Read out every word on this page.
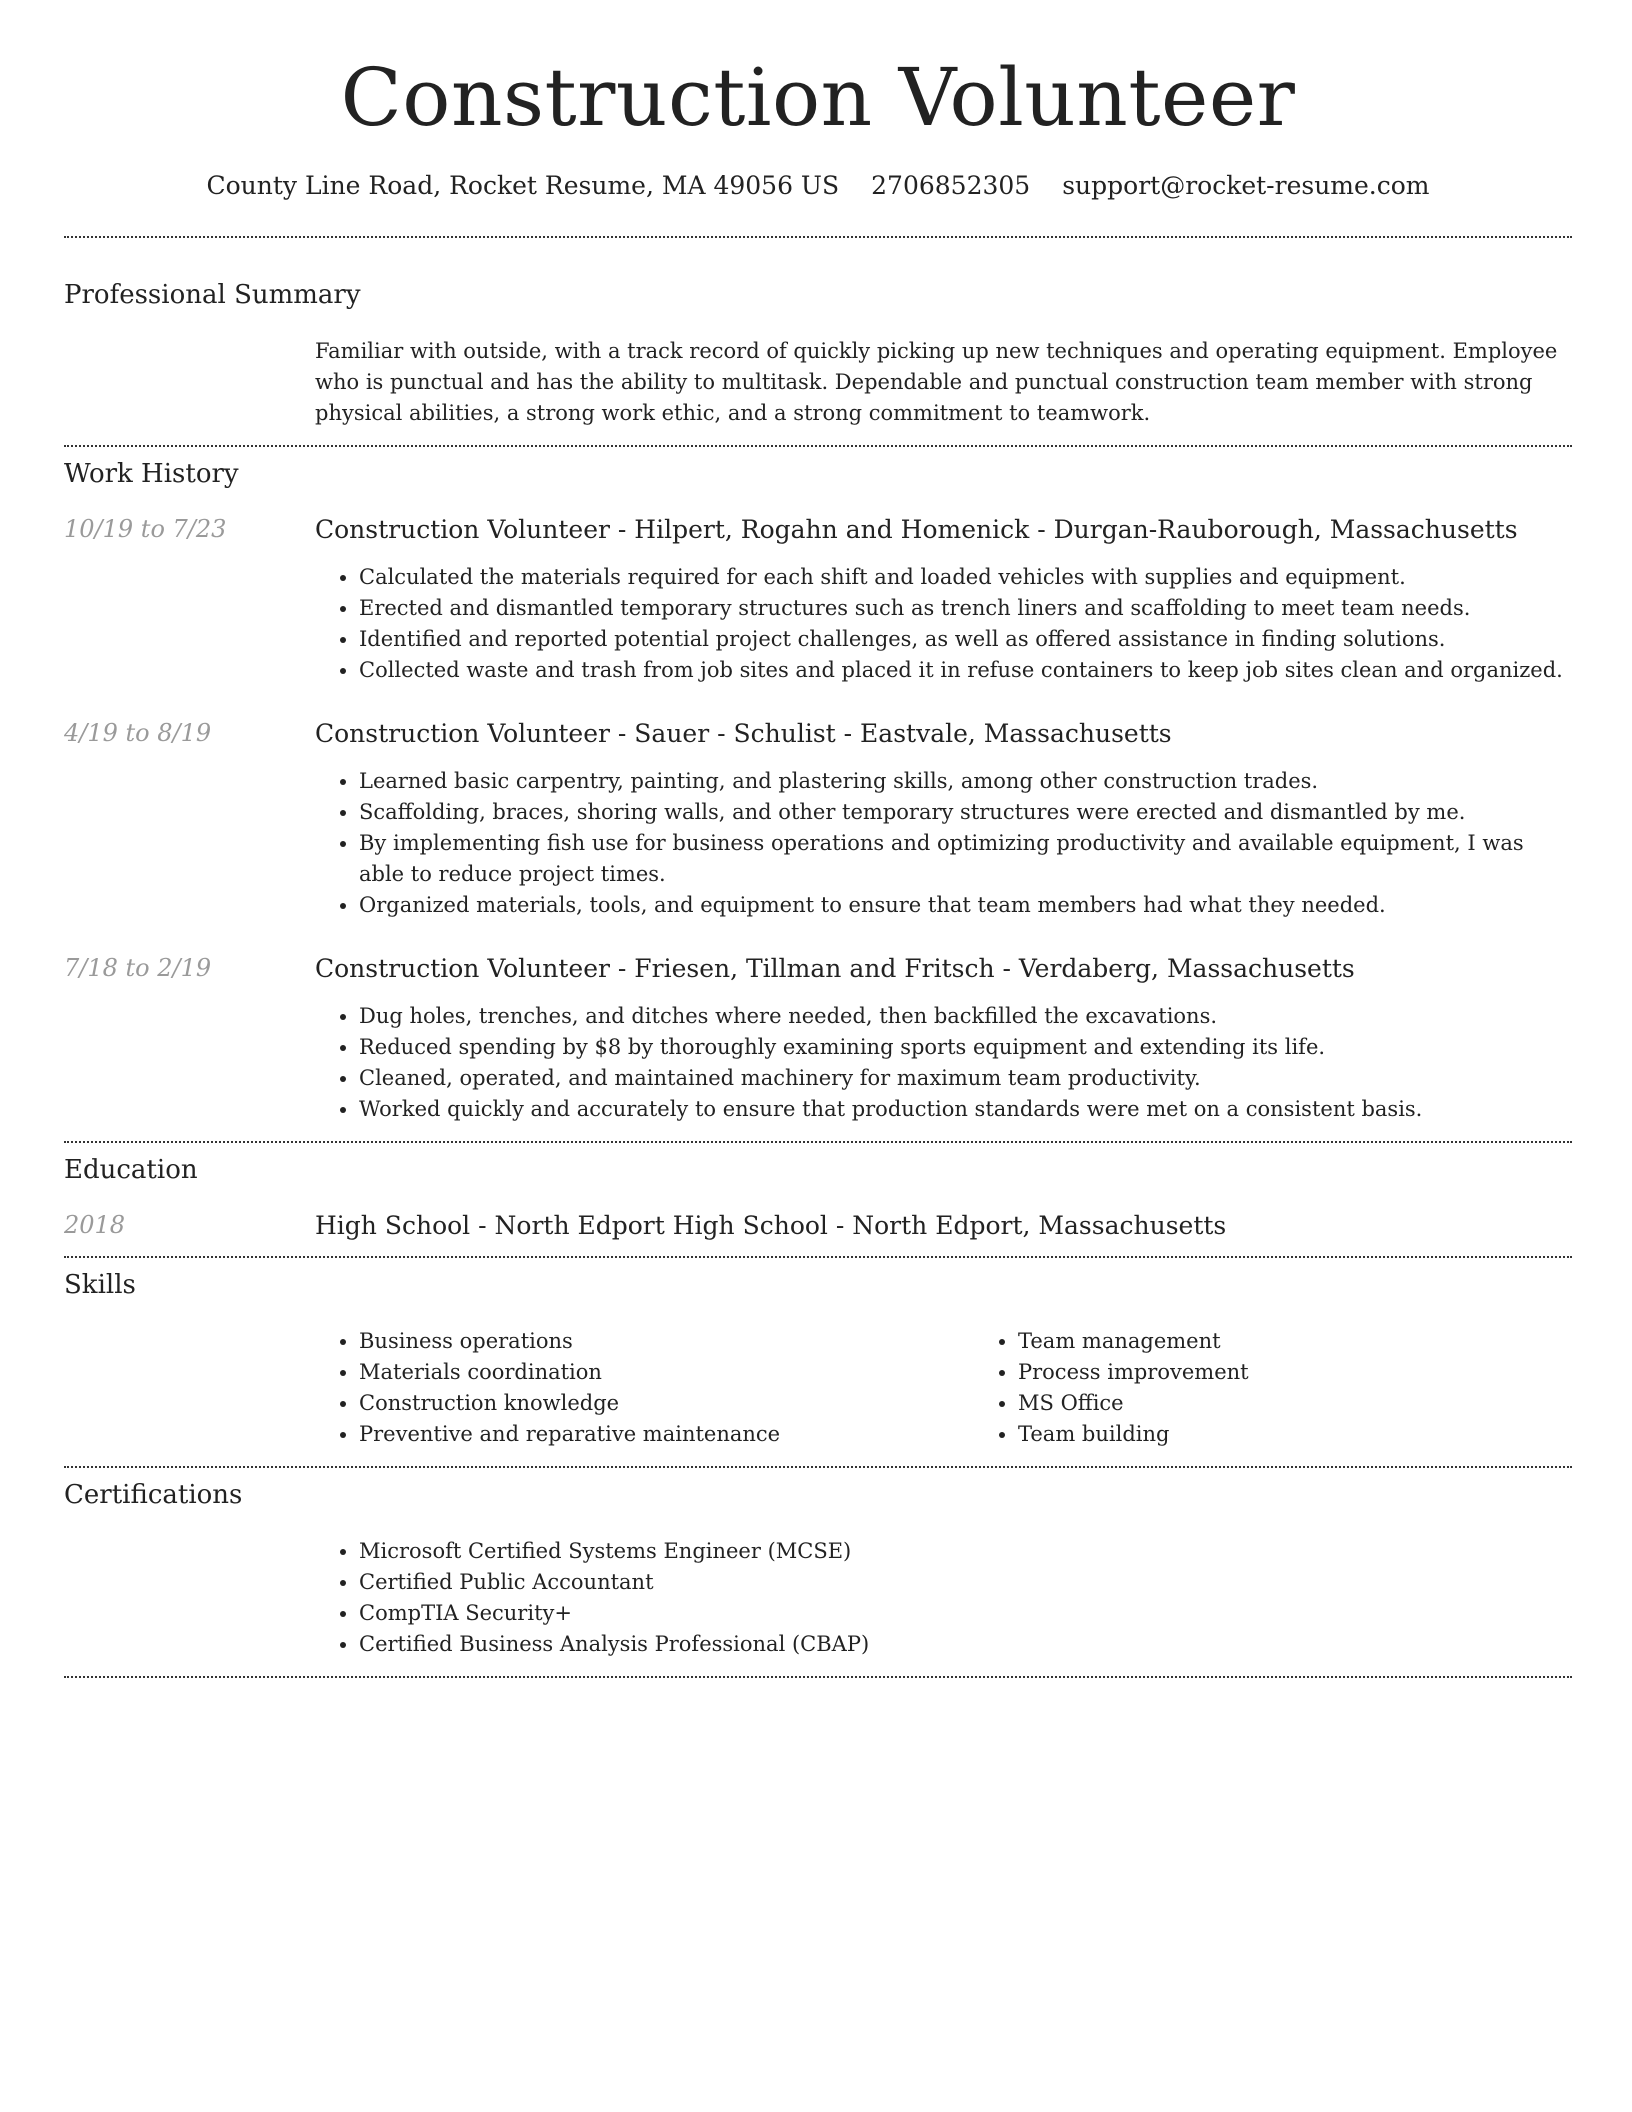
Construction Volunteer
County Line Road, Rocket Resume, MA 49056 US 2706852305 support@rocket-resume.com
Professional Summary
Familiar with outside, with a track record of quickly picking up new techniques and operating equipment. Employee who is punctual and has the ability to multitask. Dependable and punctual construction team member with strong physical abilities, a strong work ethic, and a strong commitment to teamwork.
Work History
10/19 to 7/23	Construction Volunteer - Hilpert, Rogahn and Homenick - Durgan-Rauborough, Massachusetts
• Calculated the materials required for each shift and loaded vehicles with supplies and equipment.
• Erected and dismantled temporary structures such as trench liners and scaffolding to meet team needs.
• Identified and reported potential project challenges, as well as offered assistance in finding solutions.
• Collected waste and trash from job sites and placed it in refuse containers to keep job sites clean and organized.
4/19 to 8/19	Construction Volunteer - Sauer - Schulist - Eastvale, Massachusetts
• Learned basic carpentry, painting, and plastering skills, among other construction trades.
• Scaffolding, braces, shoring walls, and other temporary structures were erected and dismantled by me.
• By implementing fish use for business operations and optimizing productivity and available equipment, I was able to reduce project times.
• Organized materials, tools, and equipment to ensure that team members had what they needed.
7/18 to 2/19	Construction Volunteer - Friesen, Tillman and Fritsch - Verdaberg, Massachusetts
• Dug holes, trenches, and ditches where needed, then backfilled the excavations.
• Reduced spending by $8 by thoroughly examining sports equipment and extending its life.
• Cleaned, operated, and maintained machinery for maximum team productivity.
• Worked quickly and accurately to ensure that production standards were met on a consistent basis.
Education
2018	High School - North Edport High School - North Edport, Massachusetts
Skills
• Business operations
• Materials coordination
• Construction knowledge
• Preventive and reparative maintenance
• Team management
• Process improvement
• MS Office
• Team building
Certifications
• Microsoft Certified Systems Engineer (MCSE)
• Certified Public Accountant
• CompTIA Security+
• Certified Business Analysis Professional (CBAP)
